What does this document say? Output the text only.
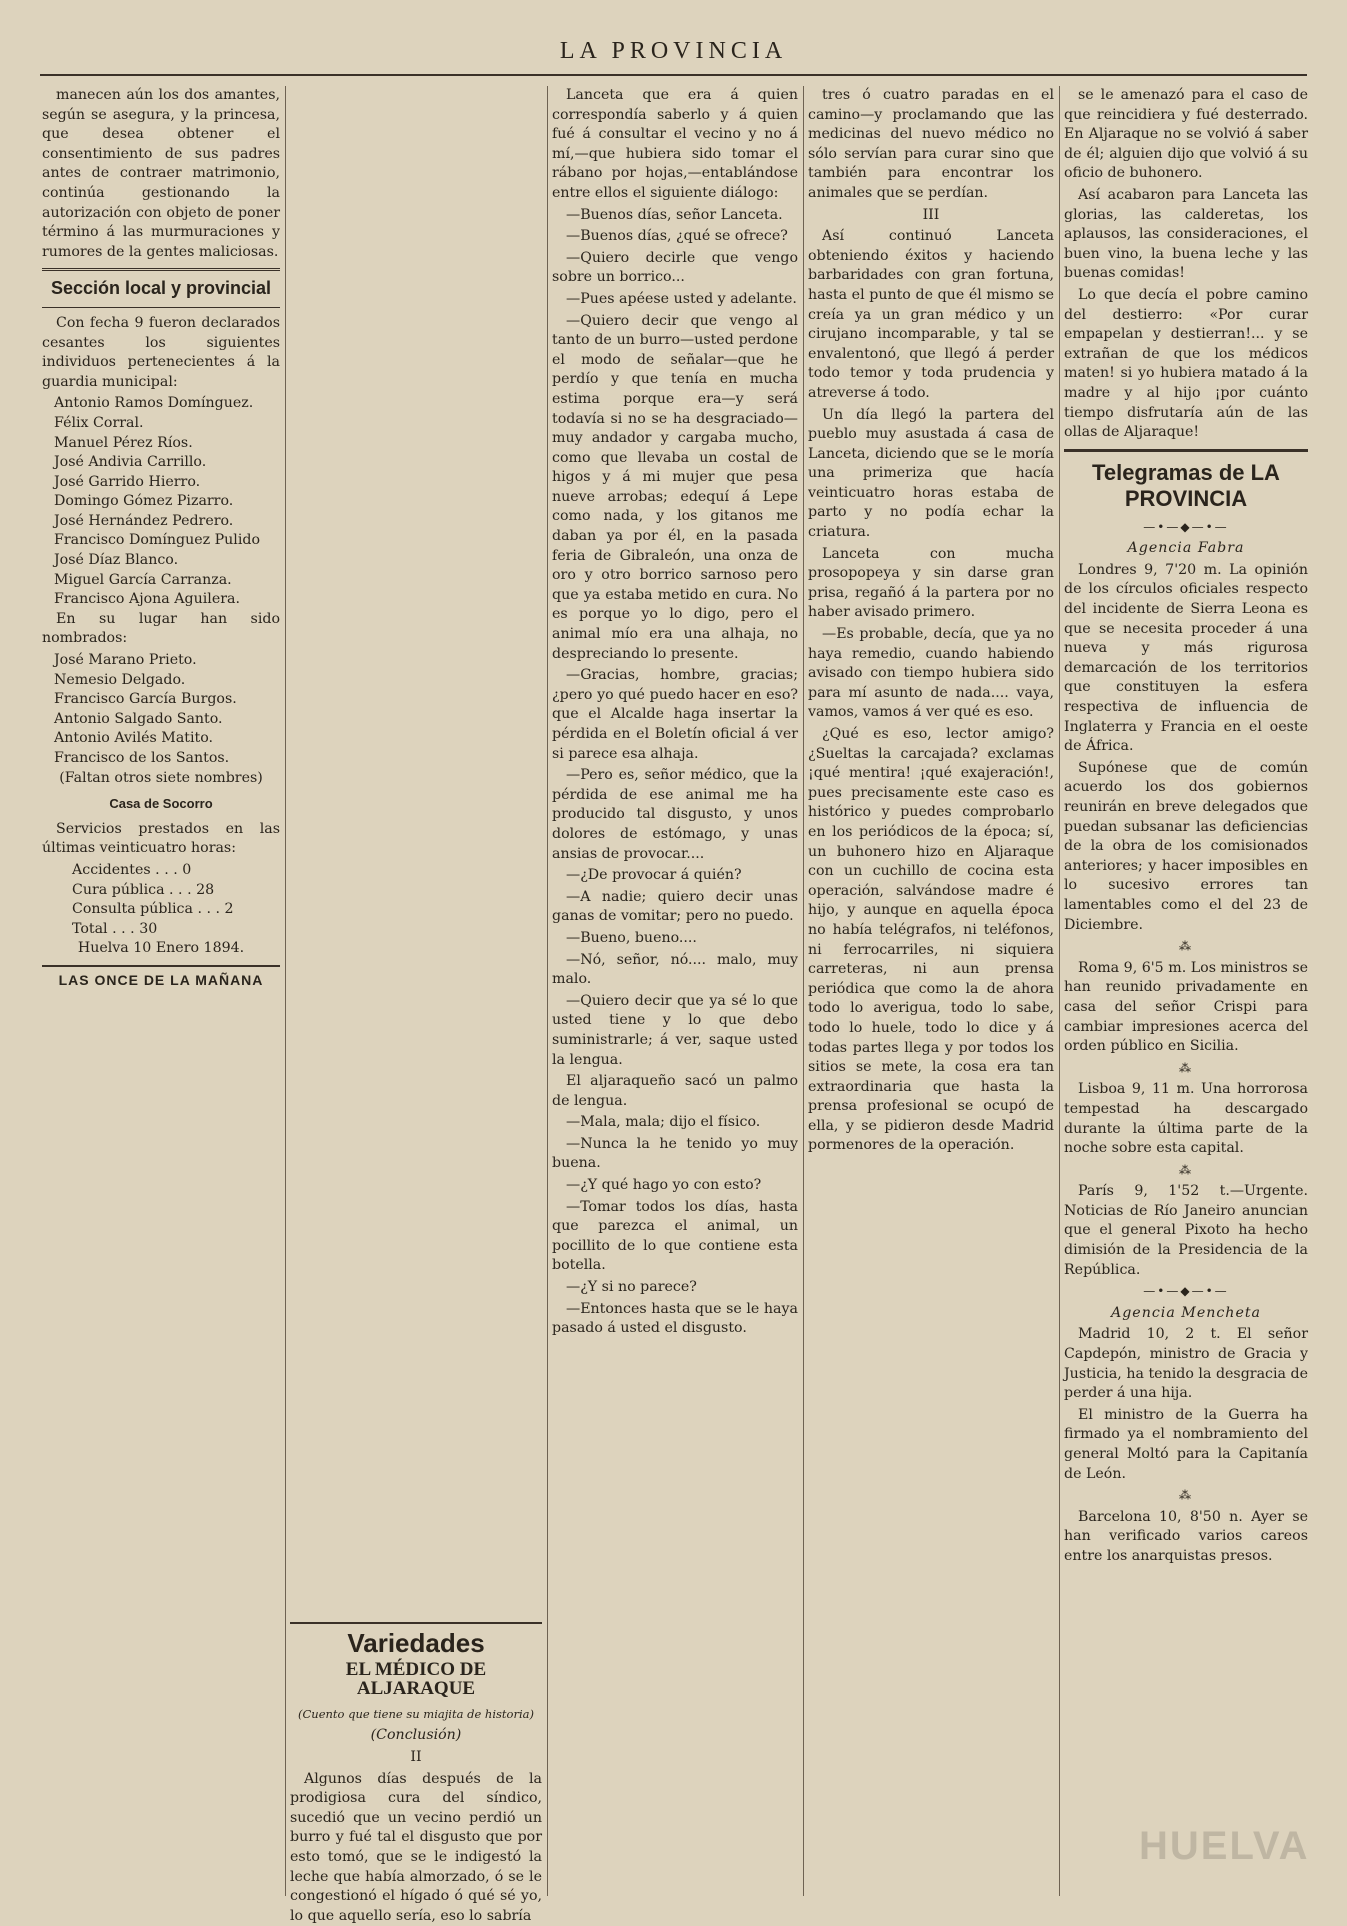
LA PROVINCIA

manecen aún los dos amantes, según se asegura, y la princesa, que desea obtener el consentimiento de sus padres antes de contraer matrimonio, continúa gestionando la autorización con objeto de poner término á las murmuraciones y rumores de la gentes maliciosas.

Sección local y provincial

Con fecha 9 fueron declarados cesantes los siguientes individuos pertenecientes á la guardia municipal:

Antonio Ramos Domínguez.
Félix Corral.
Manuel Pérez Ríos.
José Andivia Carrillo.
José Garrido Hierro.
Domingo Gómez Pizarro.
José Hernández Pedrero.
Francisco Domínguez Pulido
José Díaz Blanco.
Miguel García Carranza.
Francisco Ajona Aguilera.

En su lugar han sido nombrados:

José Marano Prieto.
Nemesio Delgado.
Francisco García Burgos.
Antonio Salgado Santo.
Antonio Avilés Matito.
Francisco de los Santos.

(Faltan otros siete nombres)

Casa de Socorro

Servicios prestados en las últimas veinticuatro horas:

Accidentes . . . 0
Cura pública . . . 28
Consulta pública . . . 2
Total . . . 30

Huelva 10 Enero 1894.

LAS ONCE DE LA MAÑANA
Variedades
EL MÉDICO DE ALJARAQUE

(Cuento que tiene su miajita de historia)

(Conclusión)

II

Algunos días después de la prodigiosa cura del síndico, sucedió que un vecino perdió un burro y fué tal el disgusto que por esto tomó, que se le indigestó la leche que había almorzado, ó se le congestionó el hígado ó qué sé yo, lo que aquello sería, eso lo sabría

Lanceta que era á quien correspondía saberlo y á quien fué á consultar el vecino y no á mí,—que hubiera sido tomar el rábano por hojas,—entablándose entre ellos el siguiente diálogo:

—Buenos días, señor Lanceta.

—Buenos días, ¿qué se ofrece?

—Quiero decirle que vengo sobre un borrico...

—Pues apéese usted y adelante.

—Quiero decir que vengo al tanto de un burro—usted perdone el modo de señalar—que he perdío y que tenía en mucha estima porque era—y será todavía si no se ha desgraciado—muy andador y cargaba mucho, como que llevaba un costal de higos y á mi mujer que pesa nueve arrobas; edequí á Lepe como nada, y los gitanos me daban ya por él, en la pasada feria de Gibraleón, una onza de oro y otro borrico sarnoso pero que ya estaba metido en cura. No es porque yo lo digo, pero el animal mío era una alhaja, no despreciando lo presente.

—Gracias, hombre, gracias; ¿pero yo qué puedo hacer en eso? que el Alcalde haga insertar la pérdida en el Boletín oficial á ver si parece esa alhaja.

—Pero es, señor médico, que la pérdida de ese animal me ha producido tal disgusto, y unos dolores de estómago, y unas ansias de provocar....

—¿De provocar á quién?

—A nadie; quiero decir unas ganas de vomitar; pero no puedo.

—Bueno, bueno....

—Nó, señor, nó.... malo, muy malo.

—Quiero decir que ya sé lo que usted tiene y lo que debo suministrarle; á ver, saque usted la lengua.

El aljaraqueño sacó un palmo de lengua.

—Mala, mala; dijo el físico.

—Nunca la he tenido yo muy buena.

—¿Y qué hago yo con esto?

—Tomar todos los días, hasta que parezca el animal, un pocillito de lo que contiene esta botella.

—¿Y si no parece?

—Entonces hasta que se le haya pasado á usted el disgusto.

tres ó cuatro paradas en el camino—y proclamando que las medicinas del nuevo médico no sólo servían para curar sino que también para encontrar los animales que se perdían.

III

Así continuó Lanceta obteniendo éxitos y haciendo barbaridades con gran fortuna, hasta el punto de que él mismo se creía ya un gran médico y un cirujano incomparable, y tal se envalentonó, que llegó á perder todo temor y toda prudencia y atreverse á todo.

Un día llegó la partera del pueblo muy asustada á casa de Lanceta, diciendo que se le moría una primeriza que hacía veinticuatro horas estaba de parto y no podía echar la criatura.

Lanceta con mucha prosopopeya y sin darse gran prisa, regañó á la partera por no haber avisado primero.

—Es probable, decía, que ya no haya remedio, cuando habiendo avisado con tiempo hubiera sido para mí asunto de nada.... vaya, vamos, vamos á ver qué es eso.

¿Qué es eso, lector amigo? ¿Sueltas la carcajada? exclamas ¡qué mentira! ¡qué exajeración!, pues precisamente este caso es histórico y puedes comprobarlo en los periódicos de la época; sí, un buhonero hizo en Aljaraque con un cuchillo de cocina esta operación, salvándose madre é hijo, y aunque en aquella época no había telégrafos, ni teléfonos, ni ferrocarriles, ni siquiera carreteras, ni aun prensa periódica que como la de ahora todo lo averigua, todo lo sabe, todo lo huele, todo lo dice y á todas partes llega y por todos los sitios se mete, la cosa era tan extraordinaria que hasta la prensa profesional se ocupó de ella, y se pidieron desde Madrid pormenores de la operación.

se le amenazó para el caso de que reincidiera y fué desterrado. En Aljaraque no se volvió á saber de él; alguien dijo que volvió á su oficio de buhonero.

Así acabaron para Lanceta las glorias, las calderetas, los aplausos, las consideraciones, el buen vino, la buena leche y las buenas comidas!

Lo que decía el pobre camino del destierro: «Por curar empapelan y destierran!... y se extrañan de que los médicos maten! si yo hubiera matado á la madre y al hijo ¡por cuánto tiempo disfrutaría aún de las ollas de Aljaraque!

Telegramas de LA PROVINCIA

—•—◆—•—

Agencia Fabra

Londres 9, 7'20 m. La opinión de los círculos oficiales respecto del incidente de Sierra Leona es que se necesita proceder á una nueva y más rigurosa demarcación de los territorios que constituyen la esfera respectiva de influencia de Inglaterra y Francia en el oeste de África.

Supónese que de común acuerdo los dos gobiernos reunirán en breve delegados que puedan subsanar las deficiencias de la obra de los comisionados anteriores; y hacer imposibles en lo sucesivo errores tan lamentables como el del 23 de Diciembre.

⁂

Roma 9, 6'5 m. Los ministros se han reunido privadamente en casa del señor Crispi para cambiar impresiones acerca del orden público en Sicilia.

⁂

Lisboa 9, 11 m. Una horrorosa tempestad ha descargado durante la última parte de la noche sobre esta capital.

⁂

París 9, 1'52 t.—Urgente. Noticias de Río Janeiro anuncian que el general Pixoto ha hecho dimisión de la Presidencia de la República.

—•—◆—•—

Agencia Mencheta

Madrid 10, 2 t. El señor Capdepón, ministro de Gracia y Justicia, ha tenido la desgracia de perder á una hija.

El ministro de la Guerra ha firmado ya el nombramiento del general Moltó para la Capitanía de León.

⁂

Barcelona 10, 8'50 n. Ayer se han verificado varios careos entre los anarquistas presos.

HUELVA
